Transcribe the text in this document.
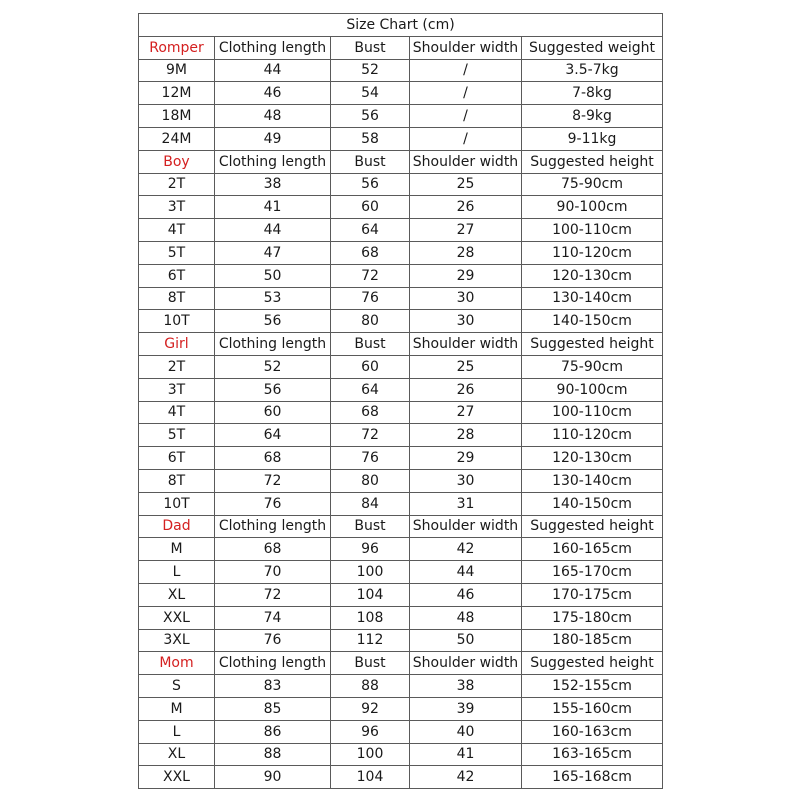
Size Chart (cm)				
Romper	Clothing length	Bust	Shoulder width	Suggested weight
9M	44	52	/	3.5-7kg
12M	46	54	/	7-8kg
18M	48	56	/	8-9kg
24M	49	58	/	9-11kg
Boy	Clothing length	Bust	Shoulder width	Suggested height
2T	38	56	25	75-90cm
3T	41	60	26	90-100cm
4T	44	64	27	100-110cm
5T	47	68	28	110-120cm
6T	50	72	29	120-130cm
8T	53	76	30	130-140cm
10T	56	80	30	140-150cm
Girl	Clothing length	Bust	Shoulder width	Suggested height
2T	52	60	25	75-90cm
3T	56	64	26	90-100cm
4T	60	68	27	100-110cm
5T	64	72	28	110-120cm
6T	68	76	29	120-130cm
8T	72	80	30	130-140cm
10T	76	84	31	140-150cm
Dad	Clothing length	Bust	Shoulder width	Suggested height
M	68	96	42	160-165cm
L	70	100	44	165-170cm
XL	72	104	46	170-175cm
XXL	74	108	48	175-180cm
3XL	76	112	50	180-185cm
Mom	Clothing length	Bust	Shoulder width	Suggested height
S	83	88	38	152-155cm
M	85	92	39	155-160cm
L	86	96	40	160-163cm
XL	88	100	41	163-165cm
XXL	90	104	42	165-168cm
